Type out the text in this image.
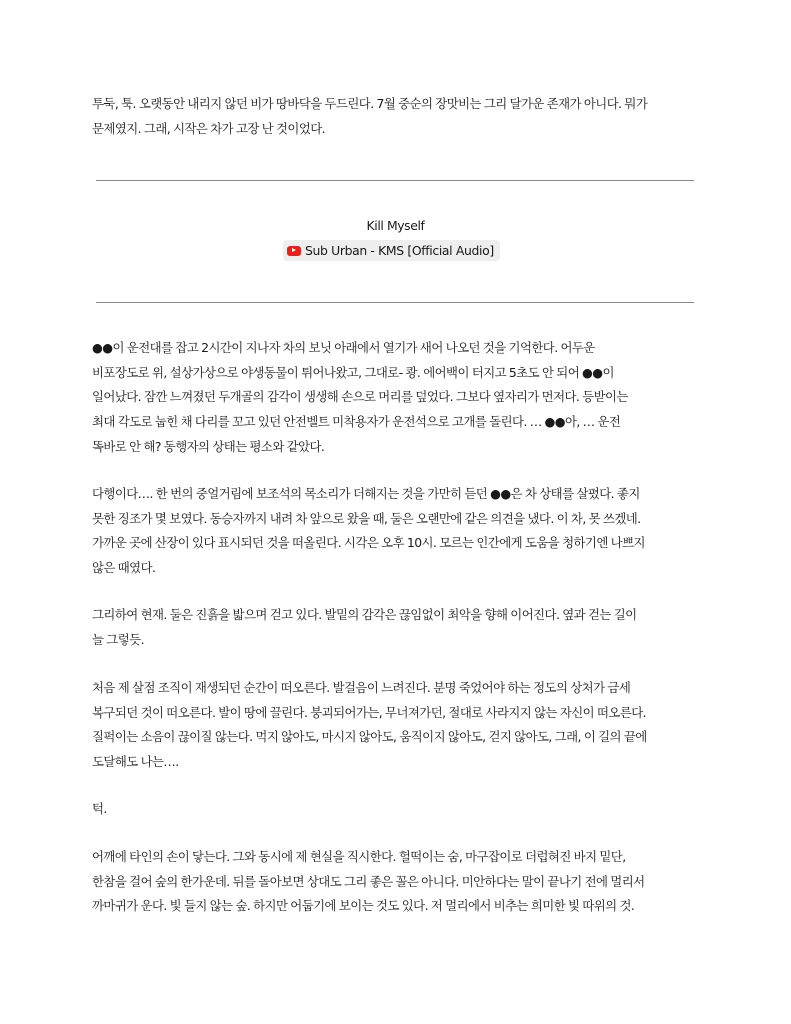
투둑, 툭. 오랫동안 내리지 않던 비가 땅바닥을 두드린다. 7월 중순의 장맛비는 그리 달가운 존재가 아니다. 뭐가
문제였지. 그래, 시작은 차가 고장 난 것이었다.
Kill Myself
Sub Urban - KMS [Official Audio]
●●이 운전대를 잡고 2시간이 지나자 차의 보닛 아래에서 열기가 새어 나오던 것을 기억한다. 어두운
비포장도로 위, 설상가상으로 야생동물이 튀어나왔고, 그대로- 쾅. 에어백이 터지고 5초도 안 되어 ●●이
일어났다. 잠깐 느껴졌던 두개골의 감각이 생생해 손으로 머리를 덮었다. 그보다 옆자리가 먼저다. 등받이는
최대 각도로 눕힌 채 다리를 꼬고 있던 안전벨트 미착용자가 운전석으로 고개를 돌린다. … ●●아, … 운전
똑바로 안 해? 동행자의 상태는 평소와 같았다.
다행이다…. 한 번의 중얼거림에 보조석의 목소리가 더해지는 것을 가만히 듣던 ●●은 차 상태를 살폈다. 좋지
못한 징조가 몇 보였다. 동승자까지 내려 차 앞으로 왔을 때, 둘은 오랜만에 같은 의견을 냈다. 이 차, 못 쓰겠네.
가까운 곳에 산장이 있다 표시되던 것을 떠올린다. 시각은 오후 10시. 모르는 인간에게 도움을 청하기엔 나쁘지
않은 때였다.
그리하여 현재. 둘은 진흙을 밟으며 걷고 있다. 발밑의 감각은 끊임없이 최악을 향해 이어진다. 옆과 걷는 길이
늘 그렇듯.
처음 제 살점 조직이 재생되던 순간이 떠오른다. 발걸음이 느려진다. 분명 죽었어야 하는 정도의 상처가 금세
복구되던 것이 떠오른다. 발이 땅에 끌린다. 붕괴되어가는, 무너져가던, 절대로 사라지지 않는 자신이 떠오른다.
질퍽이는 소음이 끊이질 않는다. 먹지 않아도, 마시지 않아도, 움직이지 않아도, 걷지 않아도, 그래, 이 길의 끝에
도달해도 나는….
턱.
어깨에 타인의 손이 닿는다. 그와 동시에 제 현실을 직시한다. 헐떡이는 숨, 마구잡이로 더럽혀진 바지 밑단,
한참을 걸어 숲의 한가운데. 뒤를 돌아보면 상대도 그리 좋은 꼴은 아니다. 미안하다는 말이 끝나기 전에 멀리서
까마귀가 운다. 빛 들지 않는 숲. 하지만 어둡기에 보이는 것도 있다. 저 멀리에서 비추는 희미한 빛 따위의 것.
